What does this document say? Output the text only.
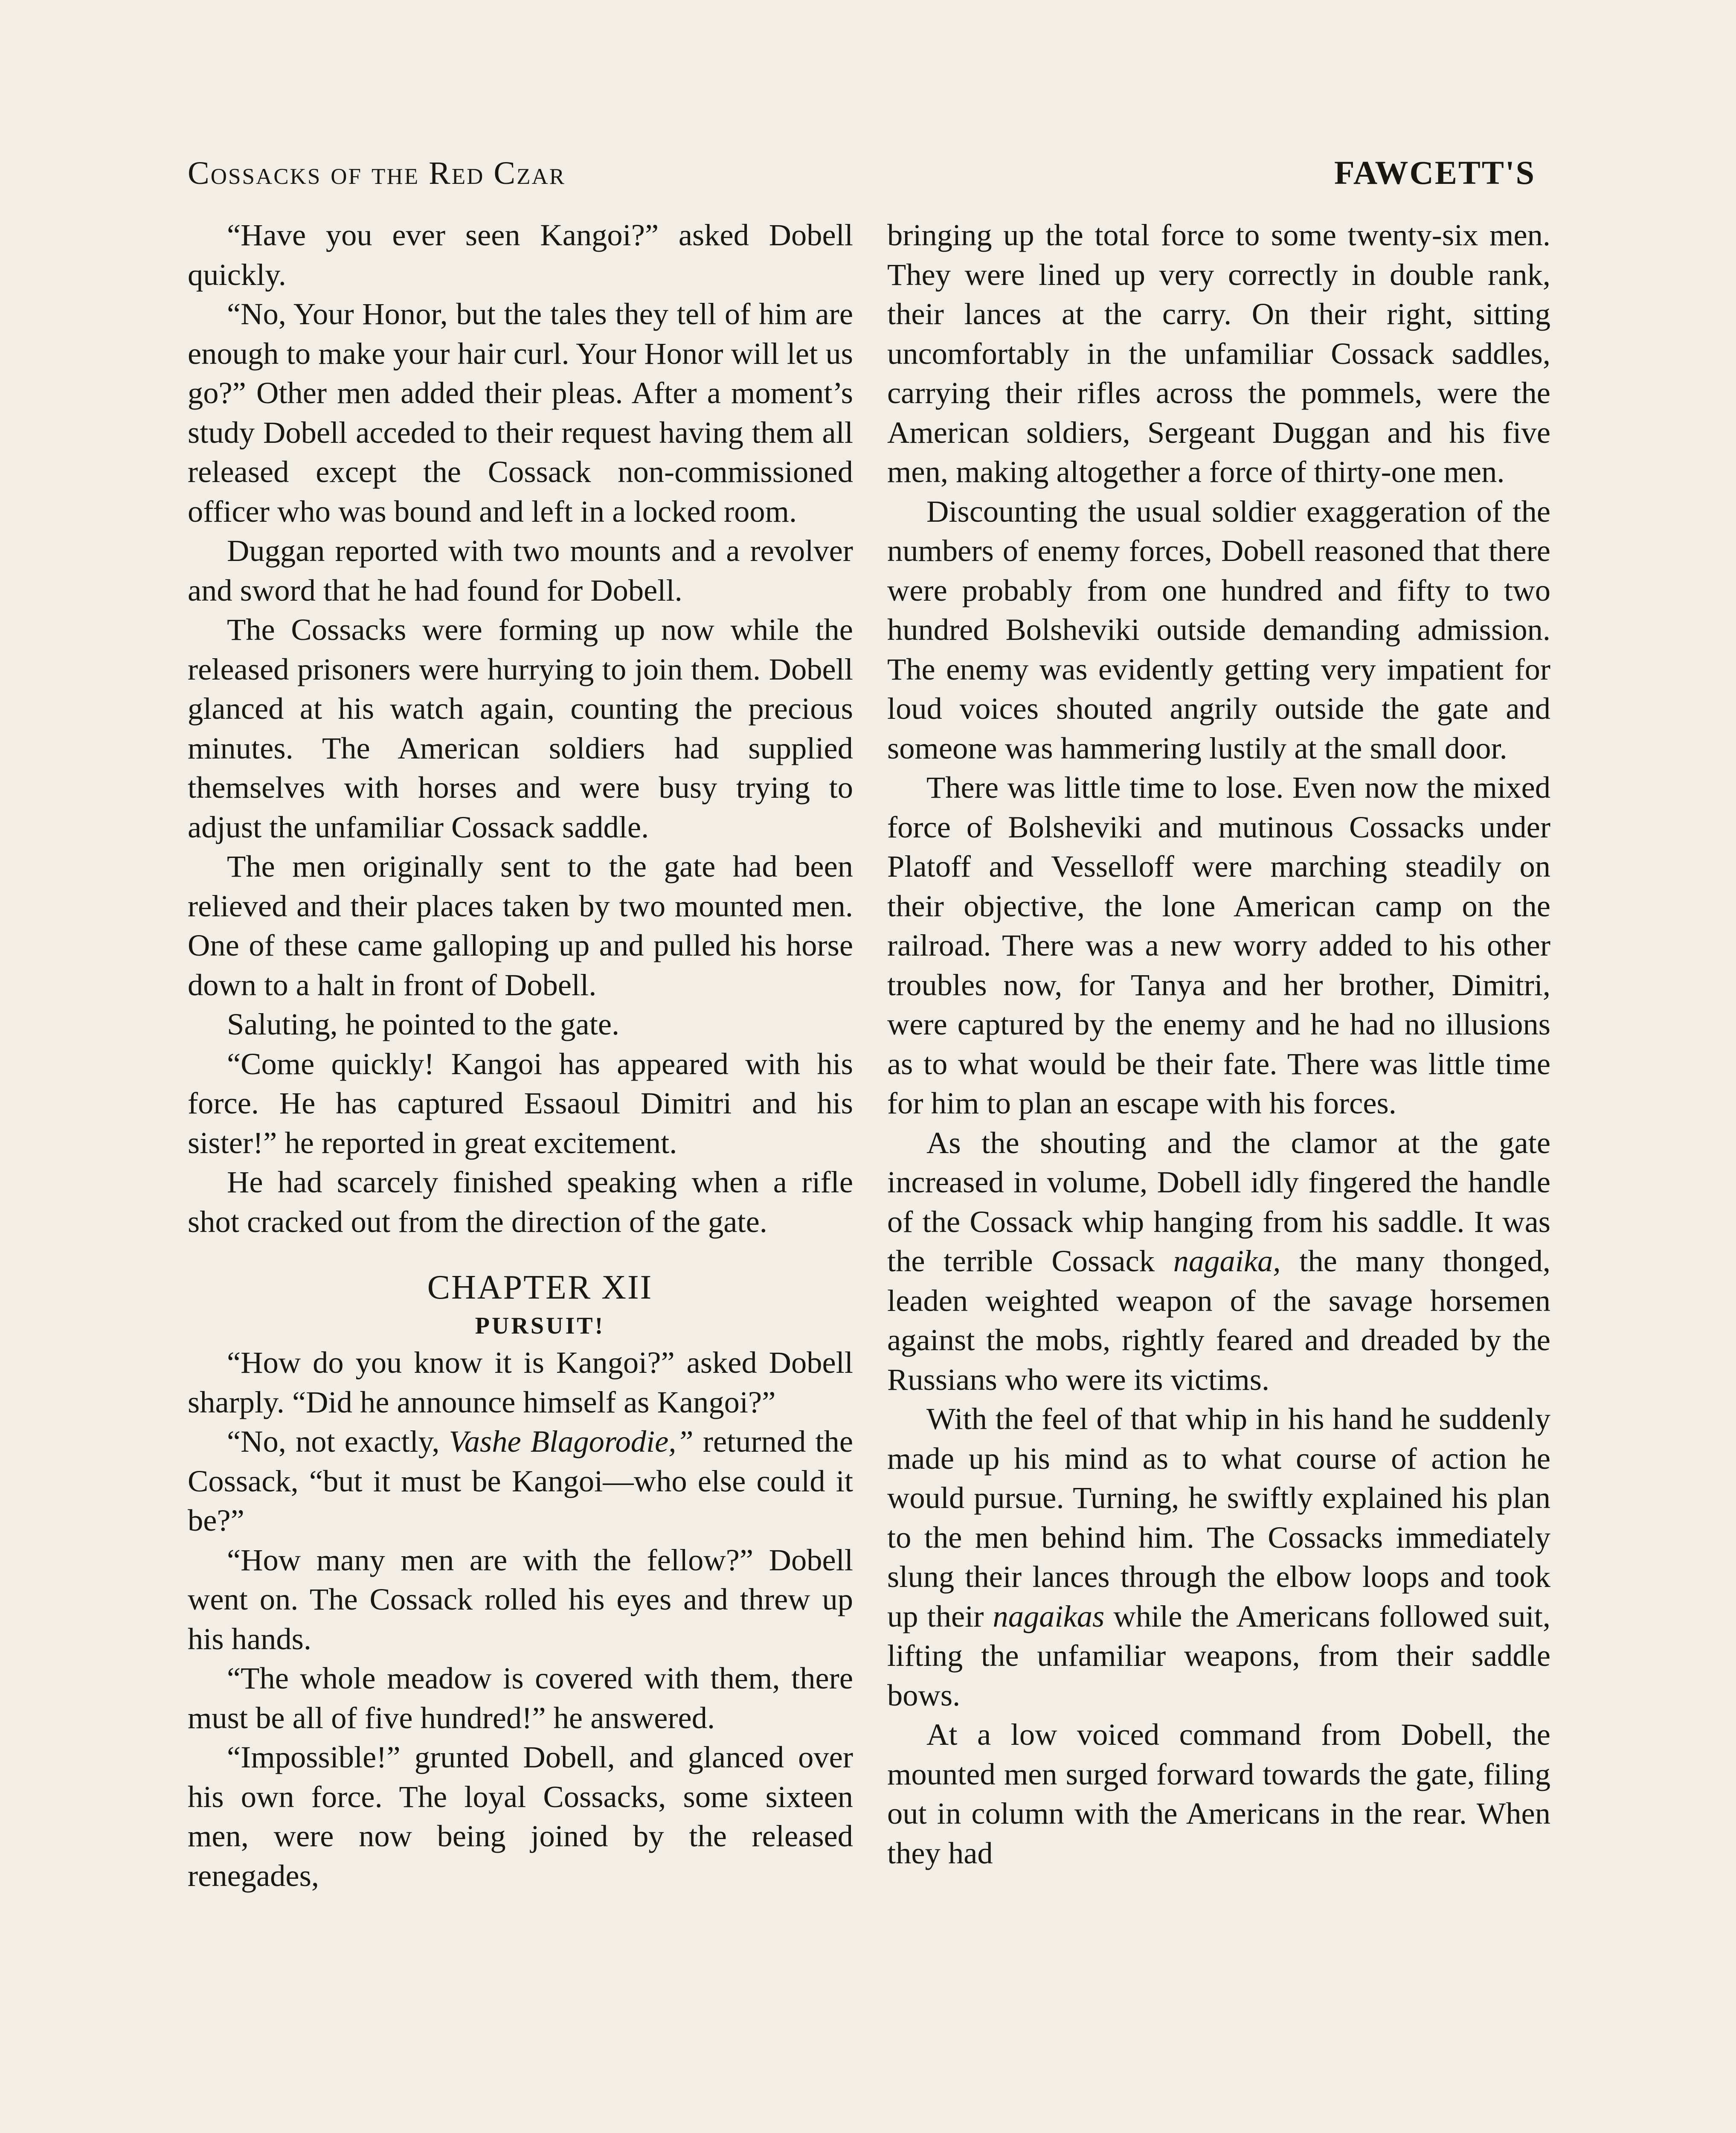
Cossacks of the Red Czar	FAWCETT'S

“Have you ever seen Kangoi?” asked Dobell quickly.

“No, Your Honor, but the tales they tell of him are enough to make your hair curl. Your Honor will let us go?” Other men added their pleas. After a moment’s study Dobell acceded to their request having them all released except the Cossack non-commissioned officer who was bound and left in a locked room.

Duggan reported with two mounts and a revolver and sword that he had found for Dobell.

The Cossacks were forming up now while the released prisoners were hurrying to join them. Dobell glanced at his watch again, counting the precious minutes. The American soldiers had supplied themselves with horses and were busy trying to adjust the unfamiliar Cossack saddle.

The men originally sent to the gate had been relieved and their places taken by two mounted men. One of these came galloping up and pulled his horse down to a halt in front of Dobell.

Saluting, he pointed to the gate.

“Come quickly! Kangoi has appeared with his force. He has captured Essaoul Dimitri and his sister!” he reported in great excitement.

He had scarcely finished speaking when a rifle shot cracked out from the direction of the gate.

CHAPTER XII

PURSUIT!

“How do you know it is Kangoi?” asked Dobell sharply. “Did he announce himself as Kangoi?”

“No, not exactly, Vashe Blagorodie,” returned the Cossack, “but it must be Kangoi—who else could it be?”

“How many men are with the fellow?” Dobell went on. The Cossack rolled his eyes and threw up his hands.

“The whole meadow is covered with them, there must be all of five hundred!” he answered.

“Impossible!” grunted Dobell, and glanced over his own force. The loyal Cossacks, some sixteen men, were now being joined by the released renegades,

bringing up the total force to some twenty-six men. They were lined up very correctly in double rank, their lances at the carry. On their right, sitting uncomfortably in the unfamiliar Cossack saddles, carrying their rifles across the pommels, were the American soldiers, Sergeant Duggan and his five men, making altogether a force of thirty-one men.

Discounting the usual soldier exaggeration of the numbers of enemy forces, Dobell reasoned that there were probably from one hundred and fifty to two hundred Bolsheviki outside demanding admission. The enemy was evidently getting very impatient for loud voices shouted angrily outside the gate and someone was hammering lustily at the small door.

There was little time to lose. Even now the mixed force of Bolsheviki and mutinous Cossacks under Platoff and Vesselloff were marching steadily on their objective, the lone American camp on the railroad. There was a new worry added to his other troubles now, for Tanya and her brother, Dimitri, were captured by the enemy and he had no illusions as to what would be their fate. There was little time for him to plan an escape with his forces.

As the shouting and the clamor at the gate increased in volume, Dobell idly fingered the handle of the Cossack whip hanging from his saddle. It was the terrible Cossack nagaika, the many thonged, leaden weighted weapon of the savage horsemen against the mobs, rightly feared and dreaded by the Russians who were its victims.

With the feel of that whip in his hand he suddenly made up his mind as to what course of action he would pursue. Turning, he swiftly explained his plan to the men behind him. The Cossacks immediately slung their lances through the elbow loops and took up their nagaikas while the Americans followed suit, lifting the unfamiliar weapons, from their saddle bows.

At a low voiced command from Dobell, the mounted men surged forward towards the gate, filing out in column with the Americans in the rear. When they had
